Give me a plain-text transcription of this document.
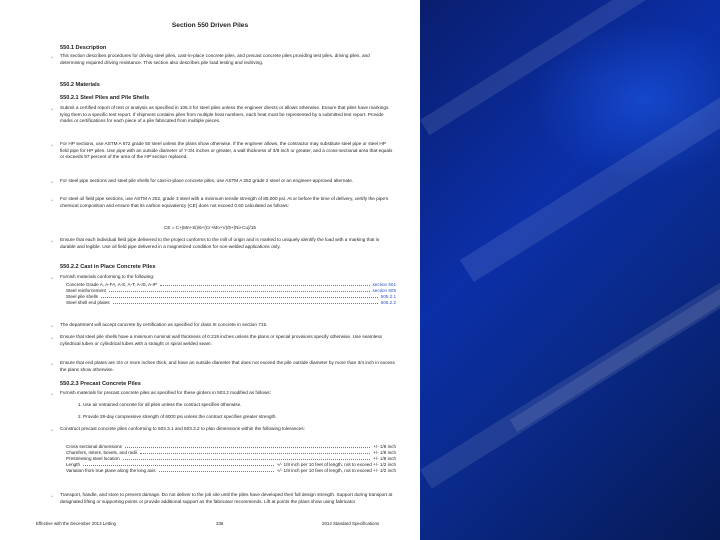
Section 550 Driven Piles
550.1 Description
▫ This section describes procedures for driving steel piles, cast-in-place concrete piles, and precast concrete piles providing test piles, driving piles, and determining required driving resistance. This section also describes pile load testing and redriving.
550.2 Materials
550.2.1 Steel Piles and Pile Shells
▫ Submit a certified report of test or analysis as specified in 106.3 for steel piles unless the engineer directs or allows otherwise. Ensure that piles have markings tying them to a specific test report. If shipment contains piles from multiple heat numbers, each heat must be represented by a submitted test report. Provide marks or certifications for each piece of a pile fabricated from multiple pieces.
▫ For HP sections, use ASTM A 572 grade 50 steel unless the plans show otherwise. If the engineer allows, the contractor may substitute steel pipe or steel HP field pipe for HP piles. Use pipe with an outside diameter of 7-3/4 inches or greater, a wall thickness of 3/8 inch or greater, and a cross-sectional area that equals or exceeds 97 percent of the area of the HP section replaced.
▫ For steel pipe sections and steel pile shells for cast-in-place concrete piles, use ASTM A 252 grade 2 steel or an engineer-approved alternate.
▫ For steel oil field pipe sections, use ASTM A 252, grade 3 steel with a minimum tensile strength of 85,000 psi. At or before the time of delivery, certify the pipe's chemical composition and ensure that its carbon equivalency (CE) does not exceed 0.50 calculated as follows:
CE = C+(Mn+Si)/6+(Cr+Mo+V)/5+(Ni+Cu)/15
▫ Ensure that each individual field pipe delivered to the project conforms to the mill of origin and is marked to uniquely identify the load with a marking that is durable and legible. Use oil field pipe delivered in a magnetized condition for non-welded applications only.
550.2.2 Cast in Place Concrete Piles
▫ Furnish materials conforming to the following:
Concrete Grade A, A-FA, A-S, A-T, A-IS, A-IP	section 501
Steel reinforcement	section 505
Steel pile shells	505.2.1
Steel shell end plates	506.2.2
▫ The department will accept concrete by certification as specified for class III concrete in section 715.
▫ Ensure that steel pile shells have a minimum nominal wall thickness of 0.219 inches unless the plans or special provisions specify otherwise. Use seamless cylindrical tubes or cylindrical tubes with a straight or spiral welded seam.
▫ Ensure that end plates are 3/4 or more inches thick, and have an outside diameter that does not exceed the pile outside diameter by more than 3/4 inch in excess the plans show otherwise.
550.2.3 Precast Concrete Piles
▫ Furnish materials for precast concrete piles as specified for these girders in 503.2 modified as follows:
1. Use air entrained concrete for all piles unless the contract specifies otherwise.
2. Provide 28-day compressive strength of 6000 psi unless the contract specifies greater strength.
▫ Construct precast concrete piles conforming to 503.3.1 and 503.3.2 to plan dimensions within the following tolerances:
Cross sectional dimensions	+/- 1/8 inch
Chamfers, miters, bevels, and radii	+/- 1/8 inch
Prestressing steel location	+/- 1/8 inch
Length	+/- 1/8 inch per 10 feet of length, not to exceed +/- 1/2 inch
Variation from true plane along the long axis	+/- 1/8 inch per 10 feet of length, not to exceed +/- 1/2 inch
▫ Transport, handle, and store to prevent damage. Do not deliver to the job site until the piles have developed their full design strength. Support during transport at designated lifting or supporting points or provide additional support as the fabricator recommends. Lift at points the plans show using fabricator
Effective with the December 2013 Letting	336	2014 Standard Specifications
